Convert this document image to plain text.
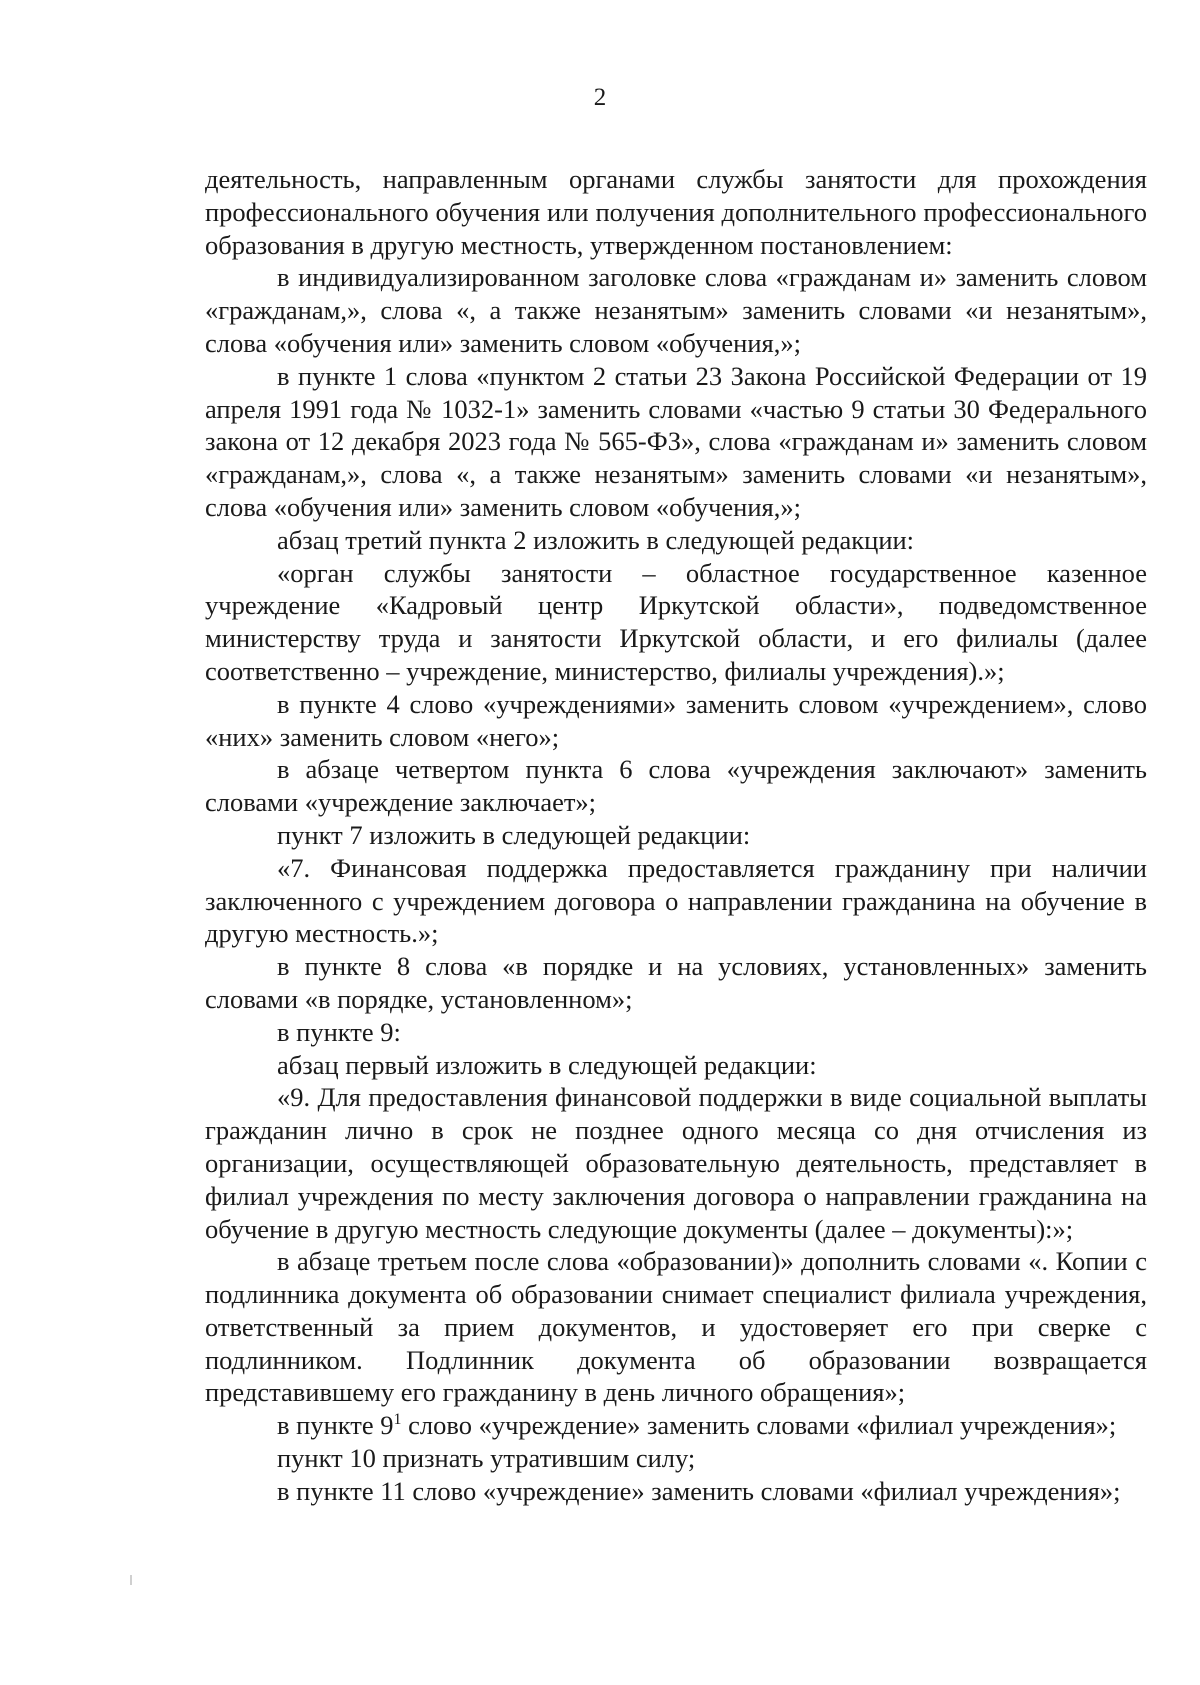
2

деятельность, направленным органами службы занятости для прохождения профессионального обучения или получения дополнительного профессионального образования в другую местность, утвержденном постановлением:

в индивидуализированном заголовке слова «гражданам и» заменить словом «гражданам,», слова «, а также незанятым» заменить словами «и незанятым», слова «обучения или» заменить словом «обучения,»;

в пункте 1 слова «пунктом 2 статьи 23 Закона Российской Федерации от 19 апреля 1991 года № 1032-1» заменить словами «частью 9 статьи 30 Федерального закона от 12 декабря 2023 года № 565-ФЗ», слова «гражданам и» заменить словом «гражданам,», слова «, а также незанятым» заменить словами «и незанятым», слова «обучения или» заменить словом «обучения,»;

абзац третий пункта 2 изложить в следующей редакции:

«орган службы занятости – областное государственное казенное учреждение «Кадровый центр Иркутской области», подведомственное министерству труда и занятости Иркутской области, и его филиалы (далее соответственно – учреждение, министерство, филиалы учреждения).»;

в пункте 4 слово «учреждениями» заменить словом «учреждением», слово «них» заменить словом «него»;

в абзаце четвертом пункта 6 слова «учреждения заключают» заменить словами «учреждение заключает»;

пункт 7 изложить в следующей редакции:

«7. Финансовая поддержка предоставляется гражданину при наличии заключенного с учреждением договора о направлении гражданина на обучение в другую местность.»;

в пункте 8 слова «в порядке и на условиях, установленных» заменить словами «в порядке, установленном»;

в пункте 9:

абзац первый изложить в следующей редакции:

«9. Для предоставления финансовой поддержки в виде социальной выплаты гражданин лично в срок не позднее одного месяца со дня отчисления из организации, осуществляющей образовательную деятельность, представляет в филиал учреждения по месту заключения договора о направлении гражданина на обучение в другую местность следующие документы (далее – документы):»;

в абзаце третьем после слова «образовании)» дополнить словами «. Копии с подлинника документа об образовании снимает специалист филиала учреждения, ответственный за прием документов, и удостоверяет его при сверке с подлинником. Подлинник документа об образовании возвращается представившему его гражданину в день личного обращения»;

в пункте $9^1$ слово «учреждение» заменить словами «филиал учреждения»;

пункт 10 признать утратившим силу;

в пункте 11 слово «учреждение» заменить словами «филиал учреждения»;
